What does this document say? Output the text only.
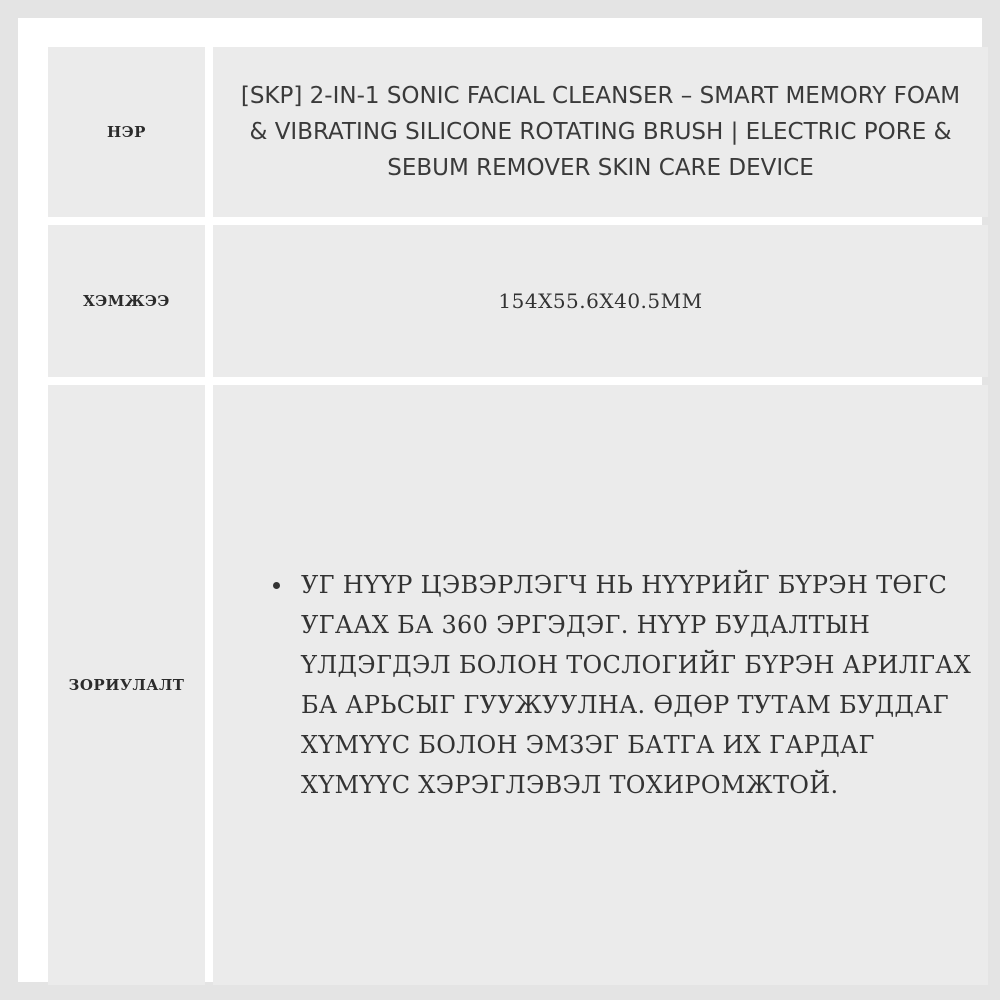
НЭР
[SKP] 2-IN-1 SONIC FACIAL CLEANSER – SMART MEMORY FOAM & VIBRATING SILICONE ROTATING BRUSH | ELECTRIC PORE & SEBUM REMOVER SKIN CARE DEVICE
ХЭМЖЭЭ	154X55.6X40.5MM
ЗОРИУЛАЛТ
УГ НҮҮР ЦЭВЭРЛЭГЧ НЬ НҮҮРИЙГ БҮРЭН ТӨГС УГААХ БА 360 ЭРГЭДЭГ. НҮҮР БУДАЛТЫН ҮЛДЭГДЭЛ БОЛОН ТОСЛОГИЙГ БҮРЭН АРИЛГАХ БА АРЬСЫГ ГУУЖУУЛНА. ӨДӨР ТУТАМ БУДДАГ ХҮМҮҮС БОЛОН ЭМЗЭГ БАТГА ИХ ГАРДАГ ХҮМҮҮС ХЭРЭГЛЭВЭЛ ТОХИРОМЖТОЙ.
